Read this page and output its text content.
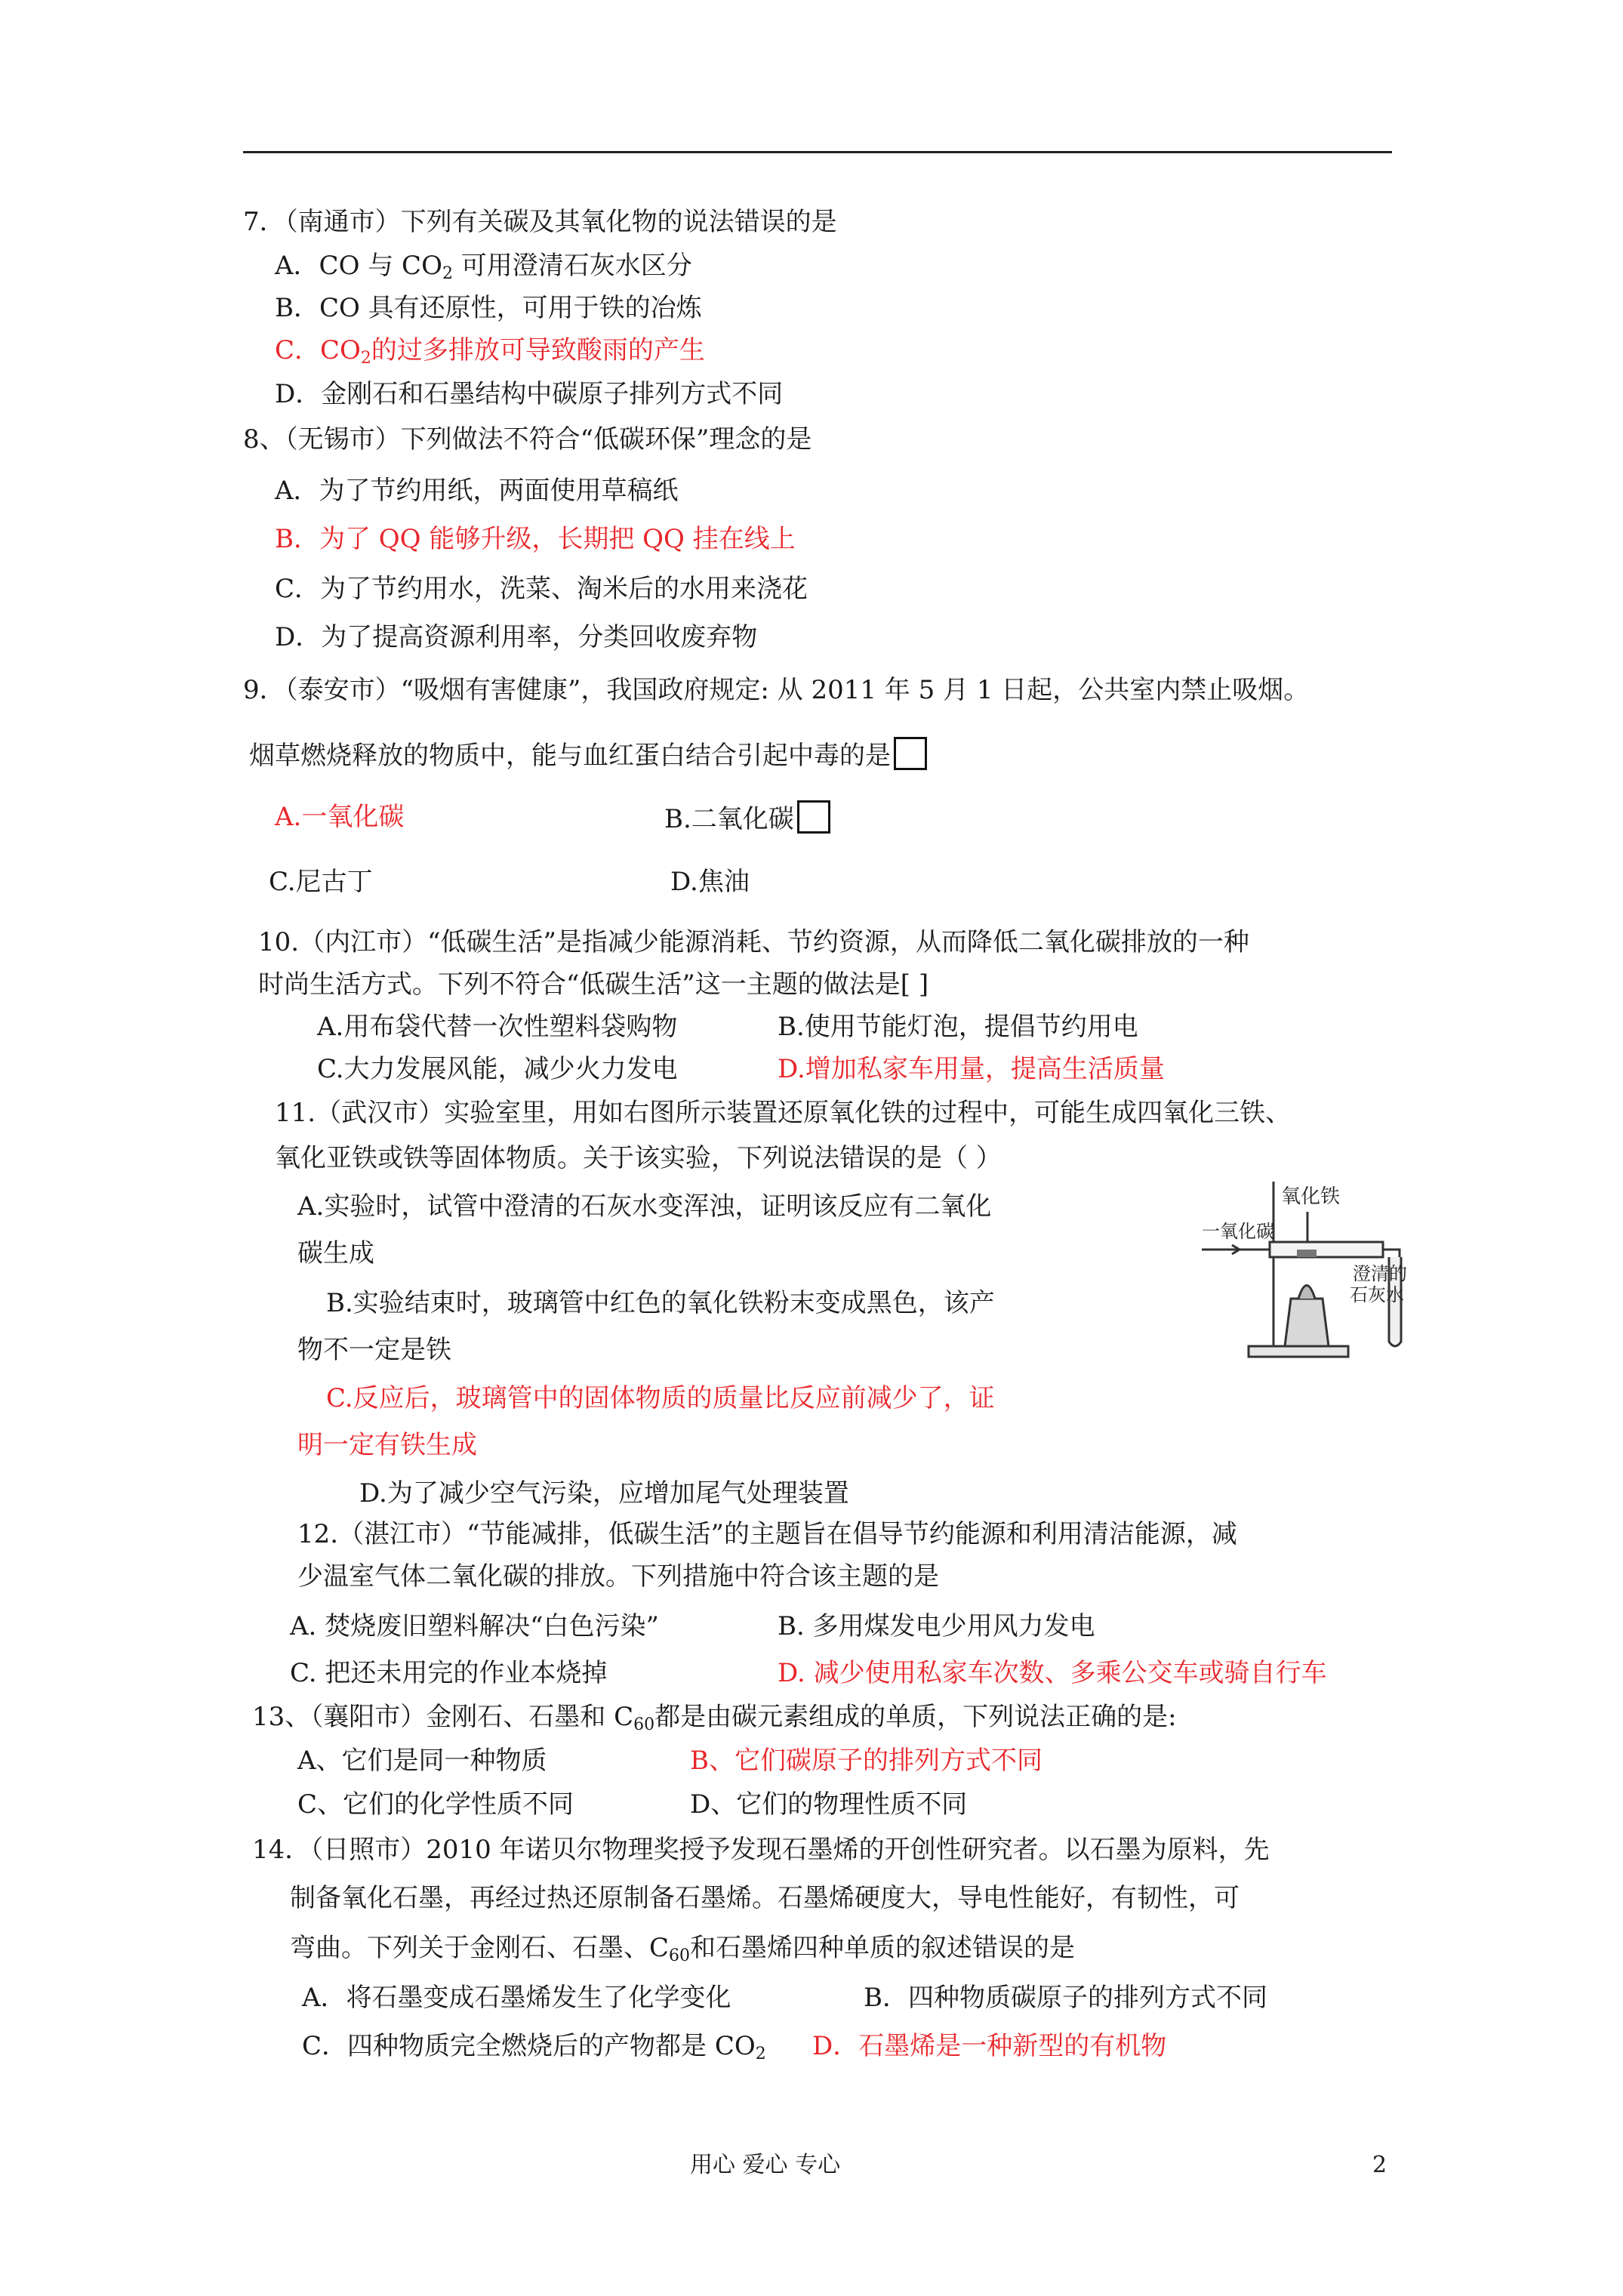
7．（南通市）下列有关碳及其氧化物的说法错误的是
A．CO 与 $CO_2$ 可用澄清石灰水区分
B．CO 具有还原性，可用于铁的冶炼
C．$CO_2$的过多排放可导致酸雨的产生
D．金刚石和石墨结构中碳原子排列方式不同
8、（无锡市）下列做法不符合“低碳环保”理念的是
A．为了节约用纸，两面使用草稿纸
B．为了 QQ 能够升级，长期把 QQ 挂在线上
C．为了节约用水，洗菜、淘米后的水用来浇花
D．为了提高资源利用率，分类回收废弃物
9．（泰安市）“吸烟有害健康”，我国政府规定: 从 2011 年 5 月 1 日起，公共室内禁止吸烟。
烟草燃烧释放的物质中，能与血红蛋白结合引起中毒的是
A.一氧化碳	B.二氧化碳
C.尼古丁	D.焦油
10.（内江市）“低碳生活”是指减少能源消耗、节约资源，从而降低二氧化碳排放的一种
时尚生活方式。下列不符合“低碳生活”这一主题的做法是[ ]
A.用布袋代替一次性塑料袋购物	B.使用节能灯泡，提倡节约用电
C.大力发展风能，减少火力发电	D.增加私家车用量，提高生活质量
11.（武汉市）实验室里，用如右图所示装置还原氧化铁的过程中，可能生成四氧化三铁、
氧化亚铁或铁等固体物质。关于该实验，下列说法错误的是（ ）
A.实验时，试管中澄清的石灰水变浑浊，证明该反应有二氧化
碳生成
B.实验结束时，玻璃管中红色的氧化铁粉末变成黑色，该产
物不一定是铁
C.反应后，玻璃管中的固体物质的质量比反应前减少了，证
明一定有铁生成
D.为了减少空气污染，应增加尾气处理装置
氧化铁
一氧化碳
澄清的
石灰水
12.（湛江市）“节能减排，低碳生活”的主题旨在倡导节约能源和利用清洁能源，减
少温室气体二氧化碳的排放。下列措施中符合该主题的是
A. 焚烧废旧塑料解决“白色污染”	B. 多用煤发电少用风力发电
C. 把还未用完的作业本烧掉	D. 减少使用私家车次数、多乘公交车或骑自行车
13、（襄阳市）金刚石、石墨和 $C_{60}$都是由碳元素组成的单质，下列说法正确的是:
A、它们是同一种物质	B、它们碳原子的排列方式不同
C、它们的化学性质不同	D、它们的物理性质不同
14．（日照市）2010 年诺贝尔物理奖授予发现石墨烯的开创性研究者。以石墨为原料，先
制备氧化石墨，再经过热还原制备石墨烯。石墨烯硬度大，导电性能好，有韧性，可
弯曲。下列关于金刚石、石墨、$C_{60}$和石墨烯四种单质的叙述错误的是
A．将石墨变成石墨烯发生了化学变化	B．四种物质碳原子的排列方式不同
C．四种物质完全燃烧后的产物都是 $CO_2$ D．石墨烯是一种新型的有机物
用心 爱心 专心	2
